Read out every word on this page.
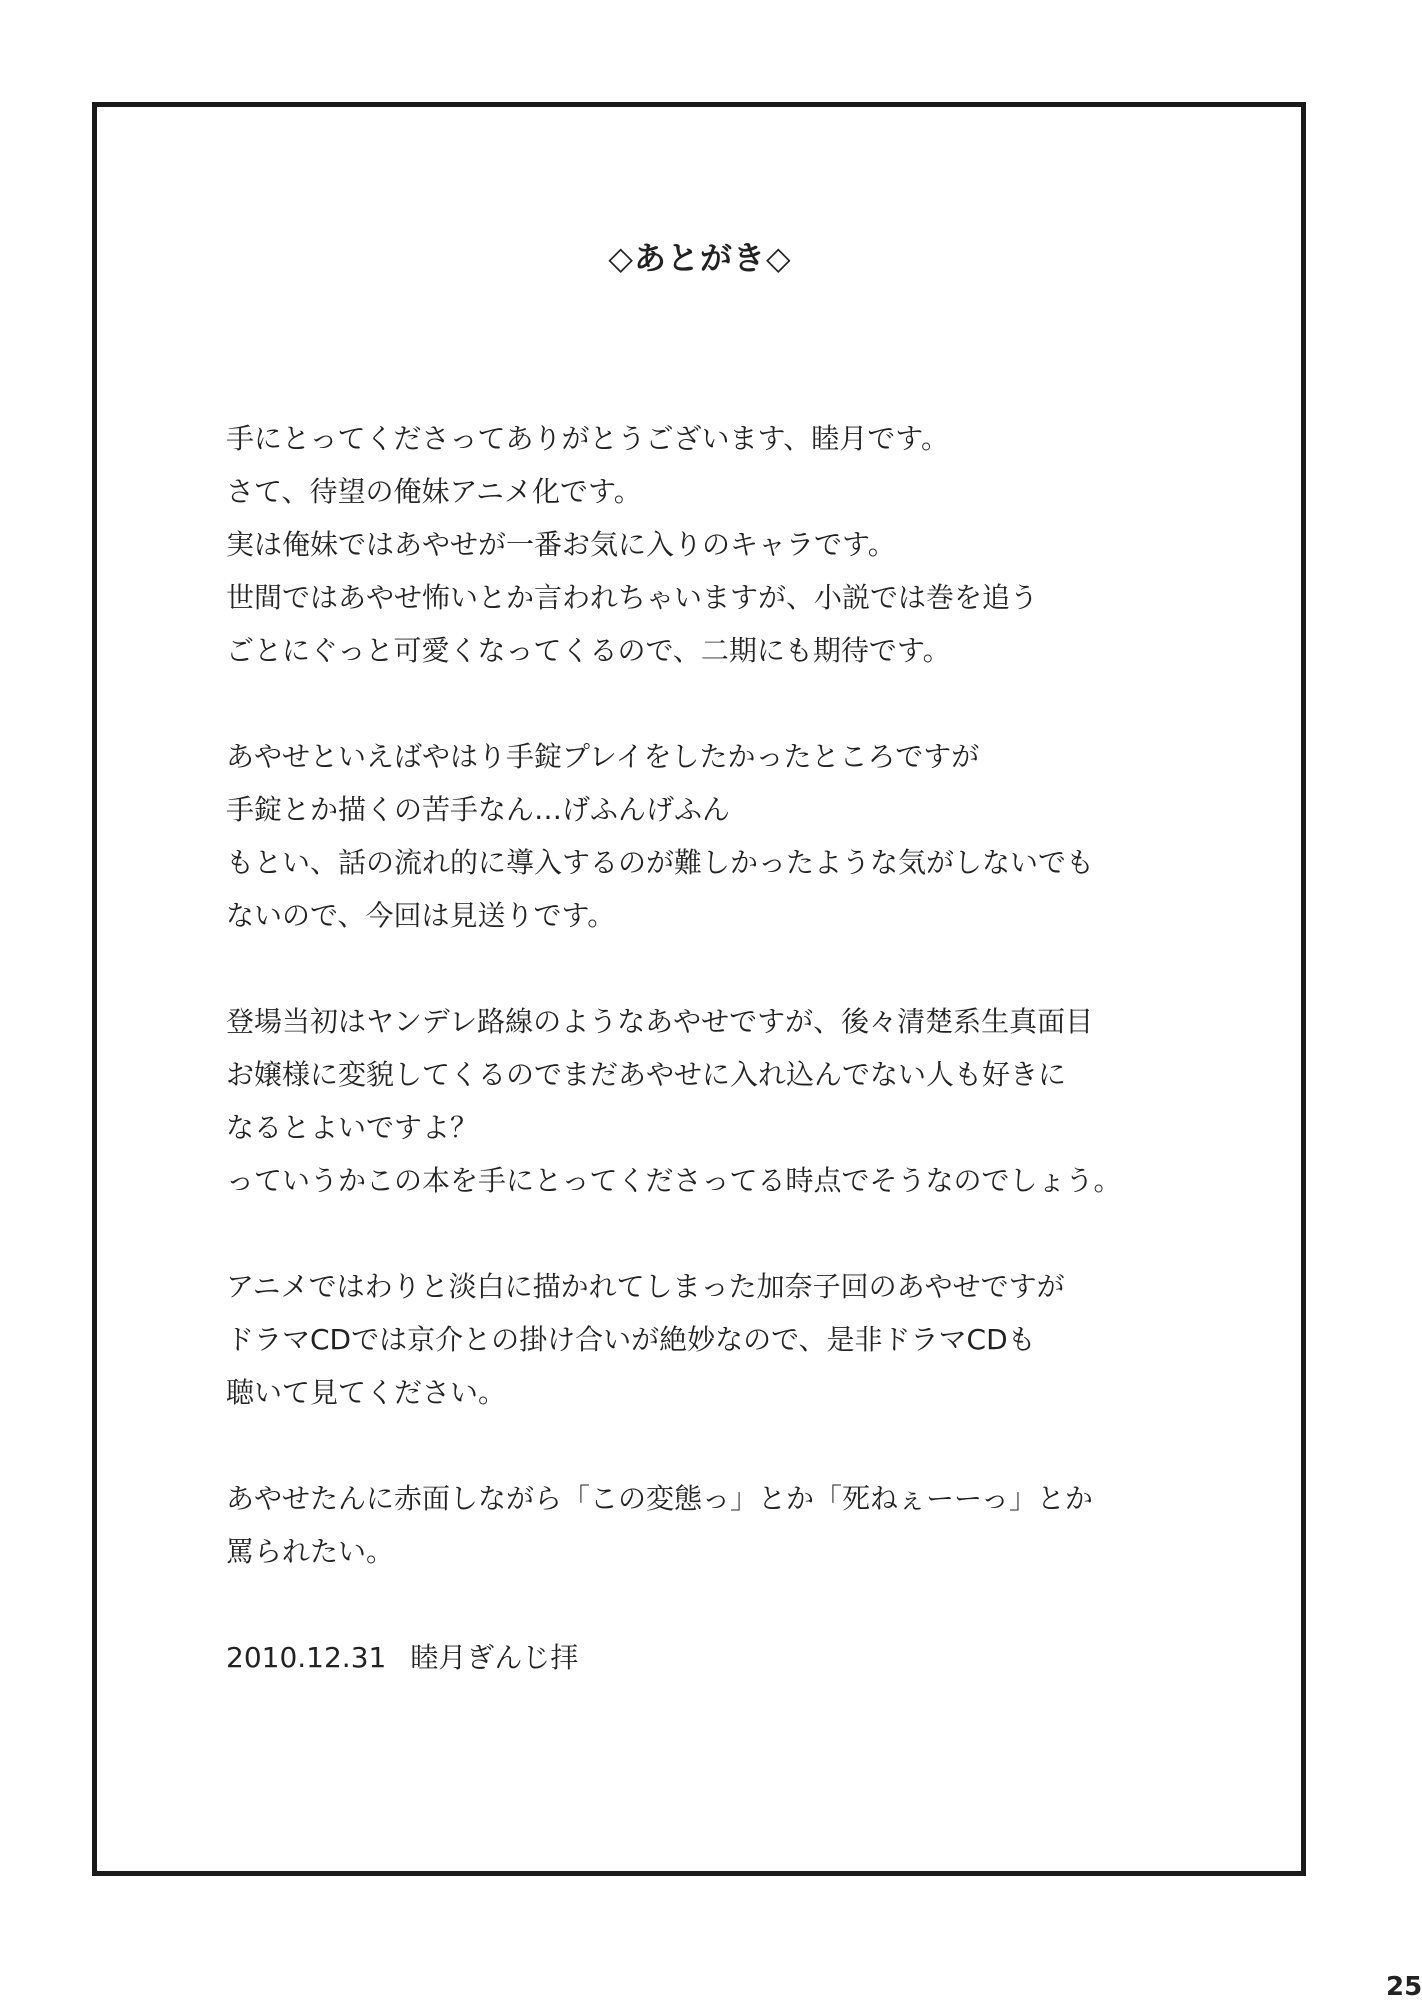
◇あとがき◇
手にとってくださってありがとうございます、睦月です。
さて、待望の俺妹アニメ化です。
実は俺妹ではあやせが一番お気に入りのキャラです。
世間ではあやせ怖いとか言われちゃいますが、小説では巻を追う
ごとにぐっと可愛くなってくるので、二期にも期待です。
あやせといえばやはり手錠プレイをしたかったところですが
手錠とか描くの苦手なん…げふんげふん
もとい、話の流れ的に導入するのが難しかったような気がしないでも
ないので、今回は見送りです。
登場当初はヤンデレ路線のようなあやせですが、後々清楚系生真面目
お嬢様に変貌してくるのでまだあやせに入れ込んでない人も好きに
なるとよいですよ？
っていうかこの本を手にとってくださってる時点でそうなのでしょう。
アニメではわりと淡白に描かれてしまった加奈子回のあやせですが
ドラマCDでは京介との掛け合いが絶妙なので、是非ドラマCDも
聴いて見てください。
あやせたんに赤面しながら「この変態っ」とか「死ねぇーーっ」とか
罵られたい。
2010.12.31 睦月ぎんじ拝
25
